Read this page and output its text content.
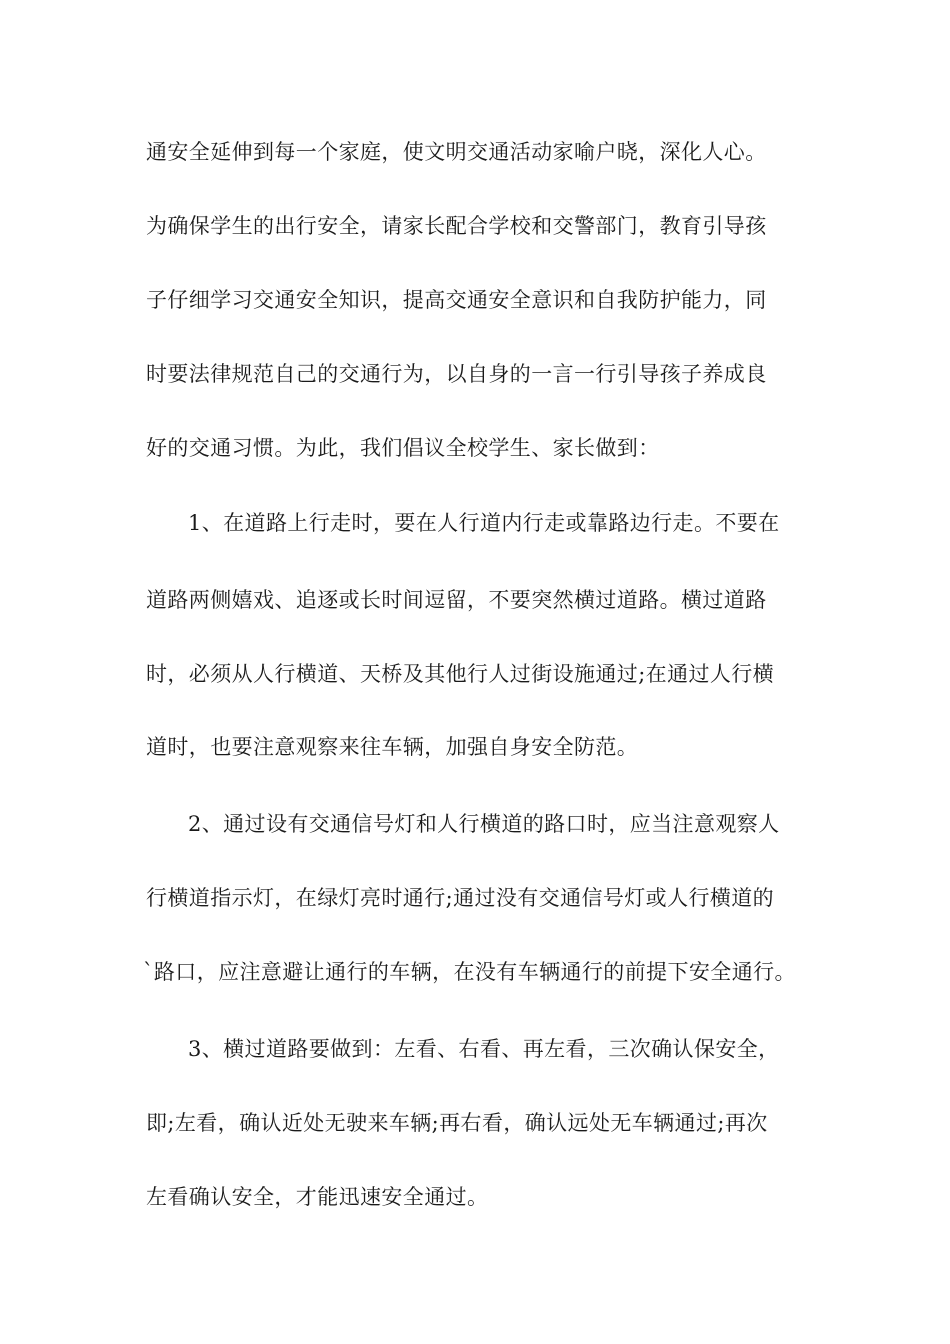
通安全延伸到每一个家庭，使文明交通活动家喻户晓，深化人心。
为确保学生的出行安全，请家长配合学校和交警部门，教育引导孩
子仔细学习交通安全知识，提高交通安全意识和自我防护能力，同
时要法律规范自己的交通行为，以自身的一言一行引导孩子养成良
好的交通习惯。为此，我们倡议全校学生、家长做到：
1、在道路上行走时，要在人行道内行走或靠路边行走。不要在
道路两侧嬉戏、追逐或长时间逗留，不要突然横过道路。横过道路
时，必须从人行横道、天桥及其他行人过街设施通过;在通过人行横
道时，也要注意观察来往车辆，加强自身安全防范。
2、通过设有交通信号灯和人行横道的路口时，应当注意观察人
行横道指示灯，在绿灯亮时通行;通过没有交通信号灯或人行横道的
`路口，应注意避让通行的车辆，在没有车辆通行的前提下安全通行。
3、横过道路要做到：左看、右看、再左看，三次确认保安全，
即;左看，确认近处无驶来车辆;再右看，确认远处无车辆通过;再次
左看确认安全，才能迅速安全通过。
